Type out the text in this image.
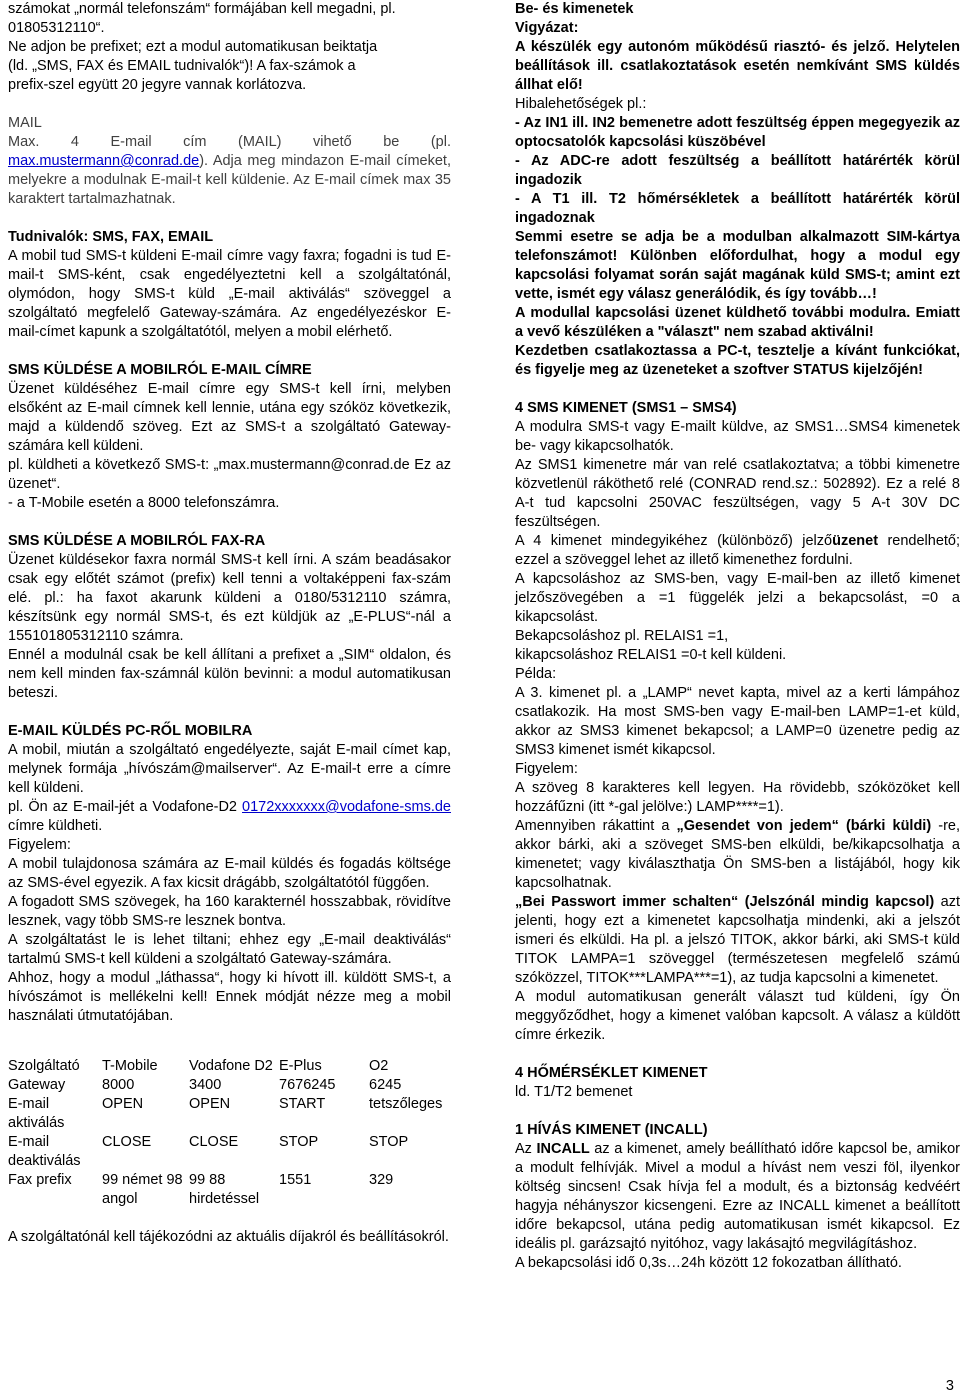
számokat „normál telefonszám“ formájában kell megadni, pl.

01805312110“.

Ne adjon be prefixet; ezt a modul automatikusan beiktatja

(ld. „SMS, FAX és EMAIL tudnivalók“)! A fax-számok a

prefix-szel együtt 20 jegyre vannak korlátozva.

MAIL

Max. 4 E-mail cím (MAIL) vihető be (pl. max.mustermann@conrad.de). Adja meg mindazon E-mail címeket, melyekre a modulnak E-mail-t kell küldenie. Az E-mail címek max 35 karaktert tartalmazhatnak.

Tudnivalók: SMS, FAX, EMAIL

A mobil tud SMS-t küldeni E-mail címre vagy faxra; fogadni is tud E-mail-t SMS-ként, csak engedélyeztetni kell a szolgáltatónál, olymódon, hogy SMS-t küld „E-mail aktiválás“ szöveggel a szolgáltató megfelelő Gateway-számára. Az engedélyezéskor E-mail-címet kapunk a szolgáltatótól, melyen a mobil elérhető.

SMS KÜLDÉSE A MOBILRÓL E-MAIL CÍMRE

Üzenet küldéséhez E-mail címre egy SMS-t kell írni, melyben elsőként az E-mail címnek kell lennie, utána egy szóköz következik, majd a küldendő szöveg. Ezt az SMS-t a szolgáltató Gateway-számára kell küldeni.

pl. küldheti a következő SMS-t: „max.mustermann@conrad.de Ez az üzenet“.

- a T-Mobile esetén a 8000 telefonszámra.

SMS KÜLDÉSE A MOBILRÓL FAX-RA

Üzenet küldésekor faxra normál SMS-t kell írni. A szám beadásakor csak egy előtét számot (prefix) kell tenni a voltaképpeni fax-szám elé. pl.: ha faxot akarunk küldeni a 0180/5312110 számra, készítsünk egy normál SMS-t, és ezt küldjük az „E-PLUS“-nál a 155101805312110 számra.

Ennél a modulnál csak be kell állítani a prefixet a „SIM“ oldalon, és nem kell minden fax-számnál külön bevinni: a modul automatikusan beteszi.

E-MAIL KÜLDÉS PC-RŐL MOBILRA

A mobil, miután a szolgáltató engedélyezte, saját E-mail címet kap, melynek formája „hívószám@mailserver“. Az E-mail-t erre a címre kell küldeni.

pl. Ön az E-mail-jét a Vodafone-D2 0172xxxxxxx@vodafone-sms.de címre küldheti.

Figyelem:

A mobil tulajdonosa számára az E-mail küldés és fogadás költsége az SMS-ével egyezik. A fax kicsit drágább, szolgáltatótól függően.

A fogadott SMS szövegek, ha 160 karakternél hosszabbak, rövidítve lesznek, vagy több SMS-re lesznek bontva.

A szolgáltatást le is lehet tiltani; ehhez egy „E-mail deaktiválás“ tartalmú SMS-t kell küldeni a szolgáltató Gateway-számára.

Ahhoz, hogy a modul „láthassa“, hogy ki hívott ill. küldött SMS-t, a hívószámot is mellékelni kell! Ennek módját nézze meg a mobil használati útmutatójában.

Szolgáltató	T-Mobile	Vodafone D2	E-Plus	O2
Gateway	8000	3400	7676245	6245
E-mail aktiválás	OPEN	OPEN	START	tetszőleges
E-mail deaktiválás	CLOSE	CLOSE	STOP	STOP
Fax prefix	99 német 98 angol	99 88 hirdetéssel	1551	329

A szolgáltatónál kell tájékozódni az aktuális díjakról és beállításokról.

Be- és kimenetek

Vigyázat:

A készülék egy autonóm működésű riasztó- és jelző. Helytelen beállítások ill. csatlakoztatások esetén nemkívánt SMS küldés állhat elő!

Hibalehetőségek pl.:

- Az IN1 ill. IN2 bemenetre adott feszültség éppen megegyezik az optocsatolók kapcsolási küszöbével

- Az ADC-re adott feszültség a beállított határérték körül ingadozik

- A T1 ill. T2 hőmérsékletek a beállított határérték körül ingadoznak

Semmi esetre se adja be a modulban alkalmazott SIM-kártya telefonszámot! Különben előfordulhat, hogy a modul egy kapcsolási folyamat során saját magának küld SMS-t; amint ezt vette, ismét egy válasz generálódik, és így tovább…!

A modullal kapcsolási üzenet küldhető további modulra. Emiatt a vevő készüléken a "választ" nem szabad aktiválni!

Kezdetben csatlakoztassa a PC-t, tesztelje a kívánt funkciókat, és figyelje meg az üzeneteket a szoftver STATUS kijelzőjén!

4 SMS KIMENET (SMS1 – SMS4)

A modulra SMS-t vagy E-mailt küldve, az SMS1…SMS4 kimenetek be- vagy kikapcsolhatók.

Az SMS1 kimenetre már van relé csatlakoztatva; a többi kimenetre közvetlenül ráköthető relé (CONRAD rend.sz.: 502892). Ez a relé 8 A-t tud kapcsolni 250VAC feszültségen, vagy 5 A-t 30V DC feszültségen.

A 4 kimenet mindegyikéhez (különböző) jelzőüzenet rendelhető; ezzel a szöveggel lehet az illető kimenethez fordulni.

A kapcsoláshoz az SMS-ben, vagy E-mail-ben az illető kimenet jelzőszövegében a =1 függelék jelzi a bekapcsolást, =0 a kikapcsolást.

Bekapcsoláshoz pl. RELAIS1 =1,

kikapcsoláshoz RELAIS1 =0-t kell küldeni.

Példa:

A 3. kimenet pl. a „LAMP“ nevet kapta, mivel az a kerti lámpához csatlakozik. Ha most SMS-ben vagy E-mail-ben LAMP=1-et küld, akkor az SMS3 kimenet bekapcsol; a LAMP=0 üzenetre pedig az SMS3 kimenet ismét kikapcsol.

Figyelem:

A szöveg 8 karakteres kell legyen. Ha rövidebb, szóközöket kell hozzáfűzni (itt *-gal jelölve:) LAMP****=1).

Amennyiben rákattint a „Gesendet von jedem“ (bárki küldi) -re, akkor bárki, aki a szöveget SMS-ben elküldi, be/kikapcsolhatja a kimenetet; vagy kiválaszthatja Ön SMS-ben a listájából, hogy kik kapcsolhatnak.

„Bei Passwort immer schalten“ (Jelszónál mindig kapcsol) azt jelenti, hogy ezt a kimenetet kapcsolhatja mindenki, aki a jelszót ismeri és elküldi. Ha pl. a jelszó TITOK, akkor bárki, aki SMS-t küld TITOK LAMPA=1 szöveggel (természetesen megfelelő számú szóközzel, TITOK***LAMPA***=1), az tudja kapcsolni a kimenetet.

A modul automatikusan generált választ tud küldeni, így Ön meggyőződhet, hogy a kimenet valóban kapcsolt. A válasz a küldött címre érkezik.

4 HŐMÉRSÉKLET KIMENET

ld. T1/T2 bemenet

1 HÍVÁS KIMENET (INCALL)

Az INCALL az a kimenet, amely beállítható időre kapcsol be, amikor a modult felhívják. Mivel a modul a hívást nem veszi föl, ilyenkor költség sincsen! Csak hívja fel a modult, és a biztonság kedvéért hagyja néhányszor kicsengeni. Ezre az INCALL kimenet a beállított időre bekapcsol, utána pedig automatikusan ismét kikapcsol. Ez ideális pl. garázsajtó nyitóhoz, vagy lakásajtó megvilágításhoz.

A bekapcsolási idő 0,3s…24h között 12 fokozatban állítható.

3
